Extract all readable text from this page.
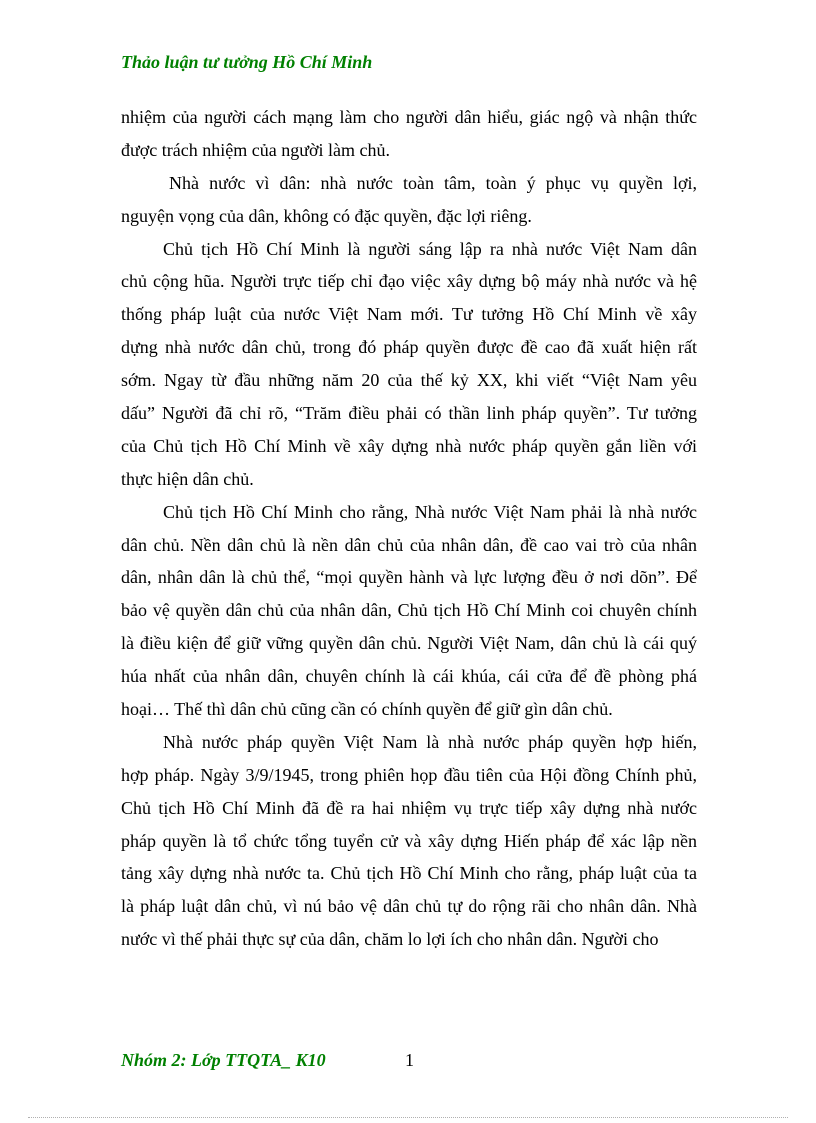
Thảo luận tư tưởng Hồ Chí Minh
nhiệm của người cách mạng làm cho người dân hiểu, giác ngộ và nhận thức
được trách nhiệm của người làm chủ.
Nhà nước vì dân: nhà nước toàn tâm, toàn ý phục vụ quyền lợi,
nguyện vọng của dân, không có đặc quyền, đặc lợi riêng.
Chủ tịch Hồ Chí Minh là người sáng lập ra nhà nước Việt Nam dân
chủ cộng hũa. Người trực tiếp chỉ đạo việc xây dựng bộ máy nhà nước và hệ
thống pháp luật của nước Việt Nam mới. Tư tưởng Hồ Chí Minh về xây
dựng nhà nước dân chủ, trong đó pháp quyền được đề cao đã xuất hiện rất
sớm. Ngay từ đầu những năm 20 của thế kỷ XX, khi viết “Việt Nam yêu
dấu” Người đã chỉ rõ, “Trăm điều phải có thần linh pháp quyền”. Tư tưởng
của Chủ tịch Hồ Chí Minh về xây dựng nhà nước pháp quyền gắn liền với
thực hiện dân chủ.
Chủ tịch Hồ Chí Minh cho rằng, Nhà nước Việt Nam phải là nhà nước
dân chủ. Nền dân chủ là nền dân chủ của nhân dân, đề cao vai trò của nhân
dân, nhân dân là chủ thể, “mọi quyền hành và lực lượng đều ở nơi dõn”. Để
bảo vệ quyền dân chủ của nhân dân, Chủ tịch Hồ Chí Minh coi chuyên chính
là điều kiện để giữ vững quyền dân chủ. Người Việt Nam, dân chủ là cái quý
húa nhất của nhân dân, chuyên chính là cái khúa, cái cửa để đề phòng phá
hoại… Thế thì dân chủ cũng cần có chính quyền để giữ gìn dân chủ.
Nhà nước pháp quyền Việt Nam là nhà nước pháp quyền hợp hiến,
hợp pháp. Ngày 3/9/1945, trong phiên họp đầu tiên của Hội đồng Chính phủ,
Chủ tịch Hồ Chí Minh đã đề ra hai nhiệm vụ trực tiếp xây dựng nhà nước
pháp quyền là tổ chức tổng tuyển cử và xây dựng Hiến pháp để xác lập nền
tảng xây dựng nhà nước ta. Chủ tịch Hồ Chí Minh cho rằng, pháp luật của ta
là pháp luật dân chủ, vì nú bảo vệ dân chủ tự do rộng rãi cho nhân dân. Nhà
nước vì thế phải thực sự của dân, chăm lo lợi ích cho nhân dân. Người cho
Nhóm 2: Lớp TTQTA_ K10	1
